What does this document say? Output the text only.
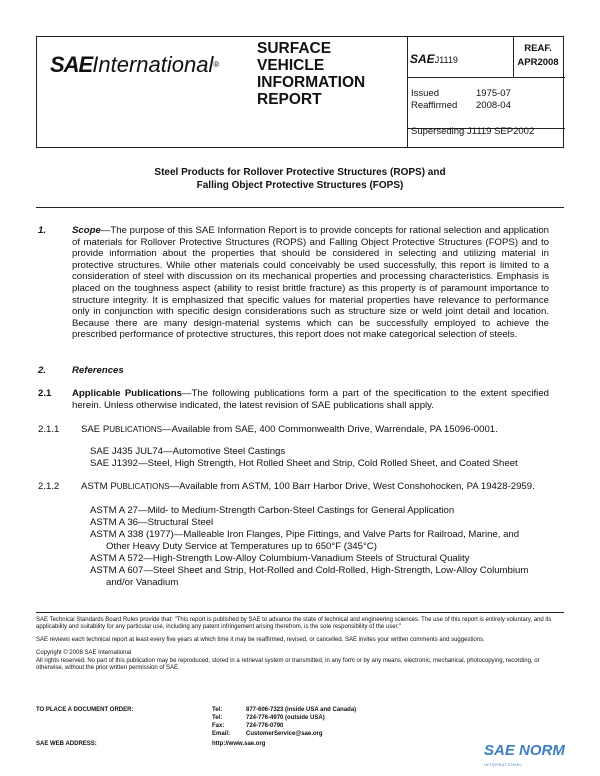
SAEInternational®
SURFACE
VEHICLE
INFORMATION
REPORT
SAEJ1119
REAF.
APR2008
Issued	1975-07
Reaffirmed 2008-04
Superseding J1119 SEP2002
Steel Products for Rollover Protective Structures (ROPS) and
Falling Object Protective Structures (FOPS)
1.	Scope—The purpose of this SAE Information Report is to provide concepts for rational selection and application of materials for Rollover Protective Structures (ROPS) and Falling Object Protective Structures (FOPS) and to provide information about the properties that should be considered in selecting and utilizing material in protective structures. While other materials could conceivably be used successfully, this report is limited to a consideration of steel with discussion on its mechanical properties and processing characteristics. Emphasis is placed on the toughness aspect (ability to resist brittle fracture) as this property is of paramount importance to structure integrity. It is emphasized that specific values for material properties have relevance to performance only in conjunction with specific design considerations such as structure size or weld joint detail and location. Because there are many design-material systems which can be successfully employed to achieve the prescribed performance of protective structures, this report does not make categorical selection of steels.
2.	References
2.1 Applicable Publications—The following publications form a part of the specification to the extent specified herein. Unless otherwise indicated, the latest revision of SAE publications shall apply.
2.1.1 SAE PUBLICATIONS—Available from SAE, 400 Commonwealth Drive, Warrendale, PA 15096-0001.
SAE J435 JUL74—Automotive Steel Castings
SAE J1392—Steel, High Strength, Hot Rolled Sheet and Strip, Cold Rolled Sheet, and Coated Sheet
2.1.2 ASTM PUBLICATIONS—Available from ASTM, 100 Barr Harbor Drive, West Conshohocken, PA 19428-2959.
ASTM A 27—Mild- to Medium-Strength Carbon-Steel Castings for General Application
ASTM A 36—Structural Steel
ASTM A 338 (1977)—Malleable Iron Flanges, Pipe Fittings, and Valve Parts for Railroad, Marine, and
Other Heavy Duty Service at Temperatures up to 650°F (345°C)
ASTM A 572—High-Strength Low-Alloy Columbium-Vanadium Steels of Structural Quality
ASTM A 607—Steel Sheet and Strip, Hot-Rolled and Cold-Rolled, High-Strength, Low-Alloy Columbium
and/or Vanadium
SAE Technical Standards Board Rules provide that: "This report is published by SAE to advance the state of technical and engineering sciences. The use of this report is entirely voluntary, and its applicability and suitability for any particular use, including any patent infringement arising therefrom, is the sole responsibility of the user."
SAE reviews each technical report at least every five years at which time it may be reaffirmed, revised, or cancelled. SAE invites your written comments and suggestions.
Copyright © 2008 SAE International
All rights reserved. No part of this publication may be reproduced, stored in a retrieval system or transmitted, in any form or by any means, electronic, mechanical, photocopying, recording, or otherwise, without the prior written permission of SAE.
TO PLACE A DOCUMENT ORDER:	Tel:	877-606-7323 (inside USA and Canada)
Tel:	724-776-4970 (outside USA)
Fax:	724-776-0790
Email:	CustomerService@sae.org
SAE WEB ADDRESS:	http://www.sae.org	SAE NORM
INTERNATIONAL
